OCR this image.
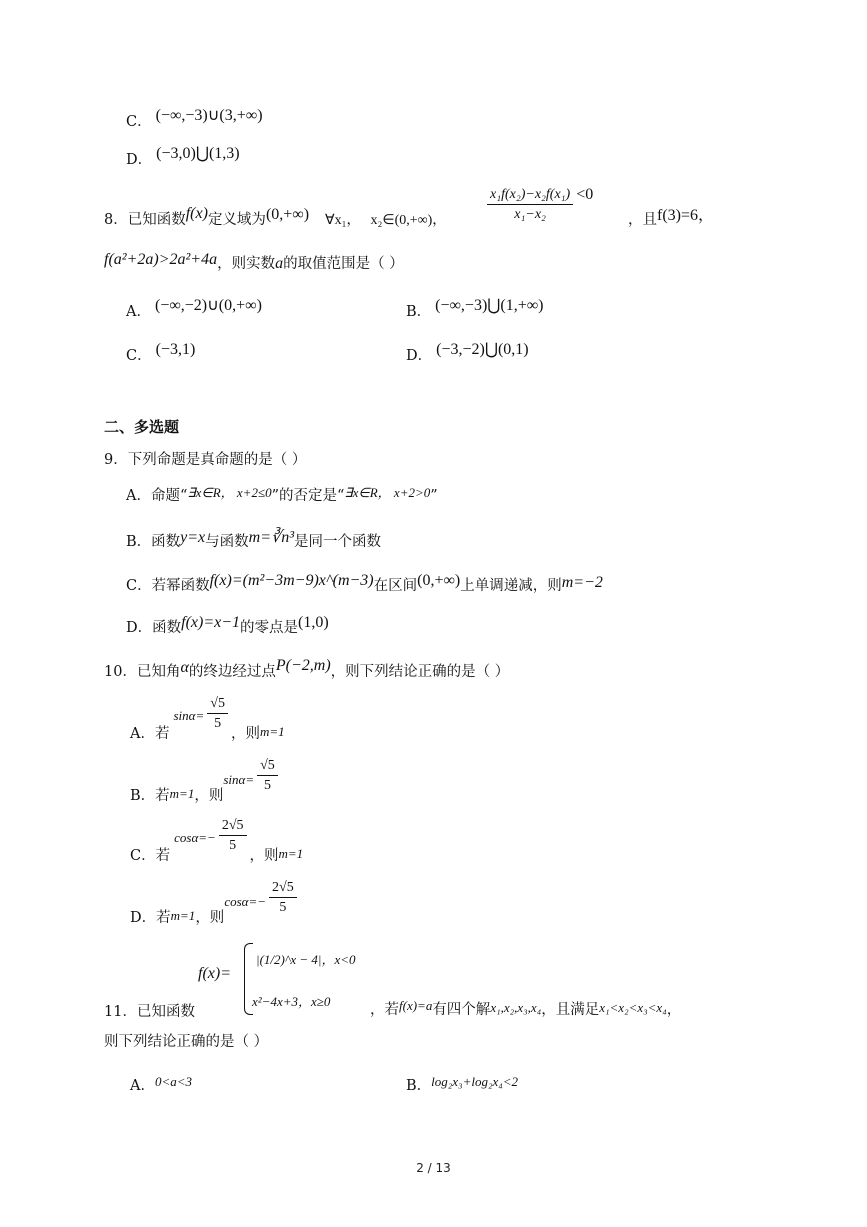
C． (−∞,−3)∪(3,+∞)
D． (−3,0)⋃(1,3)
8．已知函数f(x)定义域为(0,+∞) ∀x₁， x₂∈(0,+∞)，	$\frac{\text{x₁f(x₂)−x₂f(x₁)}}{\text{x₁−x₂}} <0$
，且f(3)=6，
f(a²+2a)>2a²+4a，则实数a的取值范围是（ ）
A． (−∞,−2)∪(0,+∞)	B． (−∞,−3)⋃(1,+∞)
C． (−3,1)	D． (−3,−2)⋃(0,1)
二、多选题
9．下列命题是真命题的是（ ）
A．命题“∃x∈R， x+2≤0”的否定是“∃x∈R， x+2>0”
B．函数y=x与函数m=∛n³是同一个函数
C．若幂函数f(x)=(m²−3m−9)x^(m−3)在区间(0,+∞)上单调递减，则m=−2
D．函数f(x)=x−1的零点是(1,0)
10．已知角α的终边经过点P(−2,m)，则下列结论正确的是（ ）
A．若$\sin\alpha= \frac{√5}{5}$
，则m=1
B．若m=1，则$\sin\alpha= \frac{√5}{5}$
C．若$\cos\alpha=- \frac{2√5}{5}$
，则m=1
D．若m=1，则$\cos\alpha=- \frac{2√5}{5}$
f(x)=
|(1/2)^x − 4|，x<0
x²−4x+3，x≥0
11．已知函数	，若f(x)=a有四个解x₁,x₂,x₃,x₄，且满足x₁<x₂<x₃<x₄，
则下列结论正确的是（ ）
A．0<a<3	B．log₂x₃+log₂x₄<2
2 / 13
